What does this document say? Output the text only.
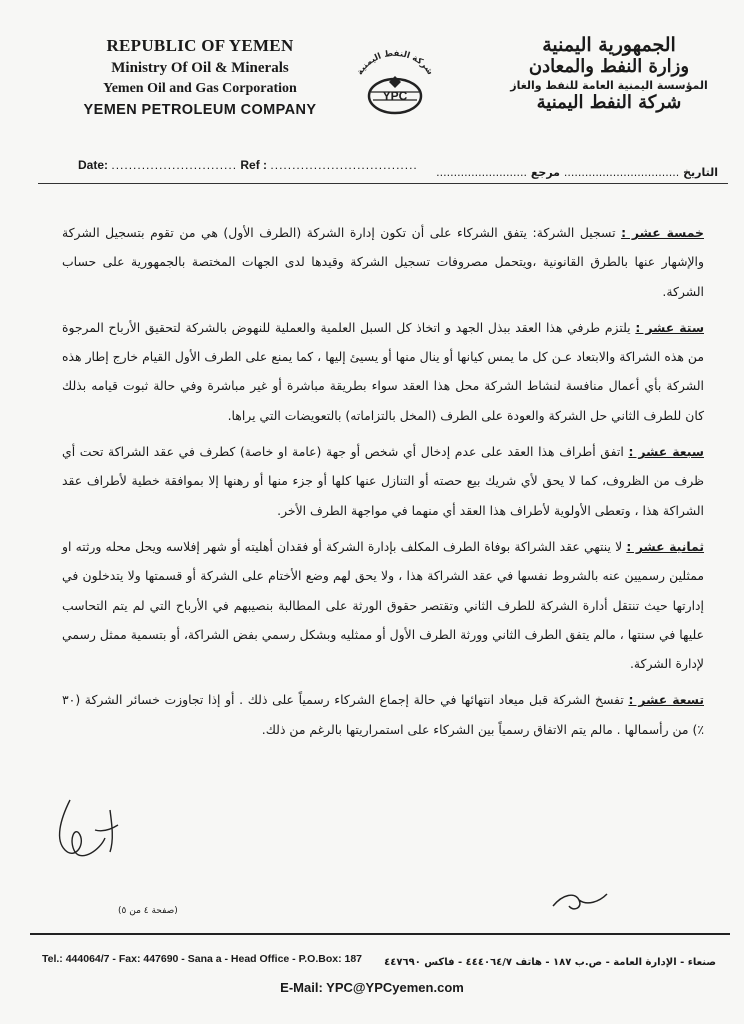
REPUBLIC OF YEMEN
Ministry Of Oil & Minerals
Yemen Oil and Gas Corporation
YEMEN PETROLEUM COMPANY
شركة النفط اليمنية
YPC
الجمهورية اليمنية
وزارة النفط والمعادن
المؤسسة اليمنية العامة للنفط والغاز
شركة النفط اليمنية
Date: ............................. Ref : ..................................
التاريخ ................................. مرجع ..........................

خمسة عشر : تسجيل الشركة: يتفق الشركاء على أن تكون إدارة الشركة (الطرف الأول) هي من تقوم بتسجيل الشركة والإشهار عنها بالطرق القانونية ،ويتحمل مصروفات تسجيل الشركة وقيدها لدى الجهات المختصة بالجمهورية على حساب الشركة.

ستة عشر : يلتزم طرفي هذا العقد ببذل الجهد و اتخاذ كل السبل العلمية والعملية للنهوض بالشركة لتحقيق الأرباح المرجوة من هذه الشراكة والابتعاد عـن كل ما يمس كيانها أو ينال منها أو يسيئ إليها ، كما يمنع على الطرف الأول القيام خارج إطار هذه الشركة بأي أعمال منافسة لنشاط الشركة محل هذا العقد سواء بطريقة مباشرة أو غير مباشرة وفي حالة ثبوت قيامه بذلك كان للطرف الثاني حل الشركة والعودة على الطرف (المخل بالتزاماته) بالتعويضات التي يراها.

سبعة عشر : اتفق أطراف هذا العقد على عدم إدخال أي شخص أو جهة (عامة او خاصة) كطرف في عقد الشراكة تحت أي ظرف من الظروف، كما لا يحق لأي شريك بيع حصته أو التنازل عنها كلها أو جزء منها أو رهنها إلا بموافقة خطية لأطراف عقد الشراكة هذا ، وتعطى الأولوية لأطراف هذا العقد أي منهما في مواجهة الطرف الأخر.

ثمانية عشر : لا ينتهي عقد الشراكة بوفاة الطرف المكلف بإدارة الشركة أو فقدان أهليته أو شهر إفلاسه ويحل محله ورثته او ممثلين رسميين عنه بالشروط نفسها في عقد الشراكة هذا ، ولا يحق لهم وضع الأختام على الشركة أو قسمتها ولا يتدخلون في إدارتها حيث تنتقل أدارة الشركة للطرف الثاني وتقتصر حقوق الورثة على المطالبة بنصيبهم في الأرباح التي لم يتم التحاسب عليها في سنتها ، مالم يتفق الطرف الثاني وورثة الطرف الأول أو ممثليه وبشكل رسمي بفض الشراكة، أو بتسمية ممثل رسمي لإدارة الشركة.

تسعة عشر : تفسخ الشركة قبل ميعاد انتهائها في حالة إجماع الشركاء رسمياً على ذلك . أو إذا تجاوزت خسائر الشركة (٣٠ ٪) من رأسمالها . مالم يتم الاتفاق رسمياً بين الشركاء على استمراريتها بالرغم من ذلك.

(صفحة ٤ من ٥)
Tel.: 444064/7 - Fax: 447690 - Sana a - Head Office - P.O.Box: 187 صنعاء - الإدارة العامة - ص.ب ١٨٧ - هاتف ٤٤٤٠٦٤/٧ - فاكس ٤٤٧٦٩٠
E-Mail: YPC@YPCyemen.com
